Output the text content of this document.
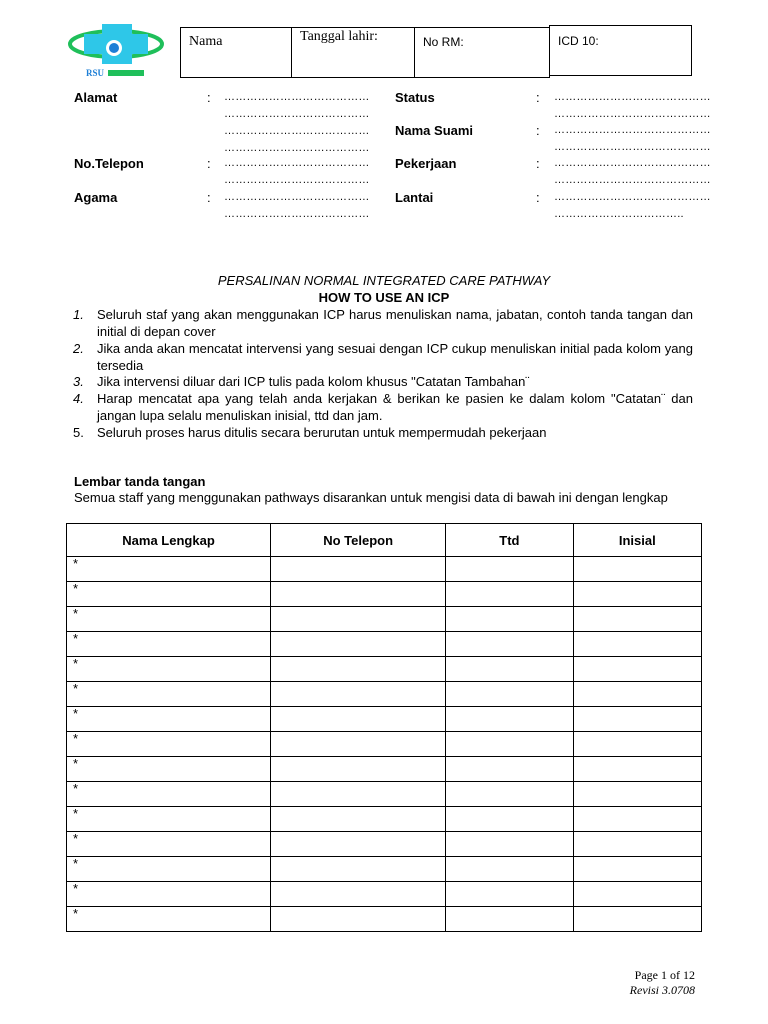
RSU
Nama	Tanggal lahir:	No RM:	ICD 10:
Alamat	: …………………………………
…………………………………
…………………………………
…………………………………
No.Telepon	: …………………………………
…………………………………
Agama	: …………………………………
…………………………………
Status	: ……………………………………
……………………………………
Nama Suami	: ……………………………………
……………………………………
Pekerjaan	: ……………………………………
……………………………………
Lantai	: ……………………………………
……………………………..
PERSALINAN NORMAL INTEGRATED CARE PATHWAY
HOW TO USE AN ICP
1. Seluruh staf yang akan menggunakan ICP harus menuliskan nama, jabatan, contoh tanda tangan dan initial di depan cover
2. Jika anda akan mencatat intervensi yang sesuai dengan ICP cukup menuliskan initial pada kolom yang tersedia
3. Jika intervensi diluar dari ICP tulis pada kolom khusus "Catatan Tambahan¨
4. Harap mencatat apa yang telah anda kerjakan & berikan ke pasien ke dalam kolom "Catatan¨ dan jangan lupa selalu menuliskan inisial, ttd dan jam.
5. Seluruh proses harus ditulis secara berurutan untuk mempermudah pekerjaan
Lembar tanda tangan
Semua staff yang menggunakan pathways disarankan untuk mengisi data di bawah ini dengan lengkap
Nama Lengkap	No Telepon	Ttd	Inisial
*			
*			
*			
*			
*			
*			
*			
*			
*			
*			
*			
*			
*			
*			
*			
Page 1 of 12
Revisi 3.0708
